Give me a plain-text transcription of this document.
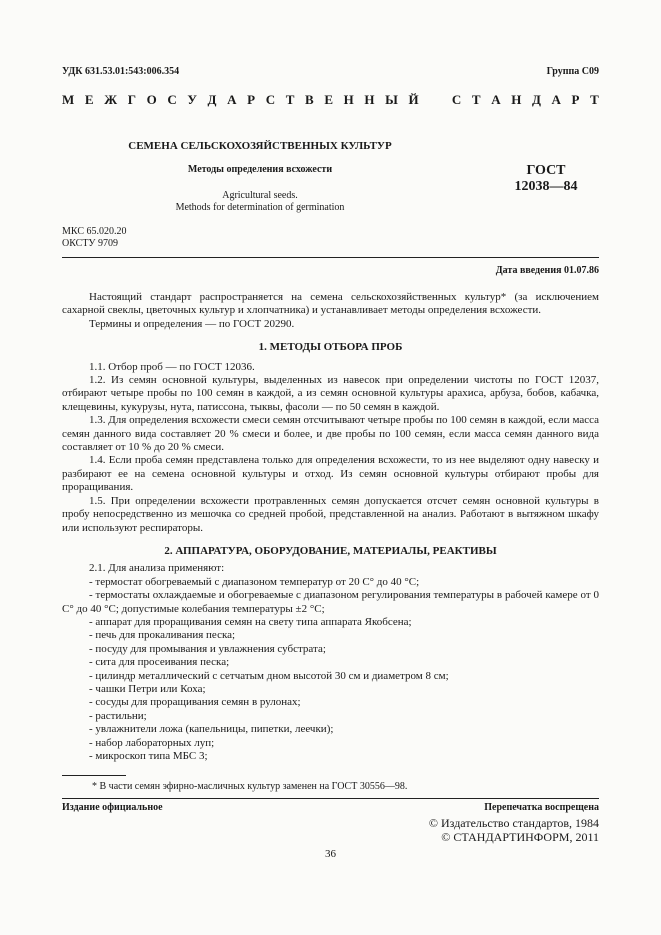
УДК 631.53.01:543:006.354	Группа С09
М Е Ж Г О С У Д А Р С Т В Е Н Н Ы Й	С Т А Н Д А Р Т
СЕМЕНА СЕЛЬСКОХОЗЯЙСТВЕННЫХ КУЛЬТУР
Методы определения всхожести
Agricultural seeds.
Methods for determination of germination
ГОСТ
12038—84
МКС 65.020.20
ОКСТУ 9709
Дата введения 01.07.86

Настоящий стандарт распространяется на семена сельскохозяйственных культур* (за исключением сахарной свеклы, цветочных культур и хлопчатника) и устанавливает методы определения всхожести.

Термины и определения — по ГОСТ 20290.

1. МЕТОДЫ ОТБОРА ПРОБ

1.1. Отбор проб — по ГОСТ 12036.

1.2. Из семян основной культуры, выделенных из навесок при определении чистоты по ГОСТ 12037, отбирают четыре пробы по 100 семян в каждой, а из семян основной культуры арахиса, арбуза, бобов, кабачка, клещевины, кукурузы, нута, патиссона, тыквы, фасоли — по 50 семян в каждой.

1.3. Для определения всхожести смеси семян отсчитывают четыре пробы по 100 семян в каждой, если масса семян данного вида составляет 20 % смеси и более, и две пробы по 100 семян, если масса семян данного вида составляет от 10 % до 20 % смеси.

1.4. Если проба семян представлена только для определения всхожести, то из нее выделяют одну навеску и разбирают ее на семена основной культуры и отход. Из семян основной культуры отбирают пробы для проращивания.

1.5. При определении всхожести протравленных семян допускается отсчет семян основной культуры в пробу непосредственно из мешочка со средней пробой, представленной на анализ. Работают в вытяжном шкафу или используют респираторы.

2. АППАРАТУРА, ОБОРУДОВАНИЕ, МАТЕРИАЛЫ, РЕАКТИВЫ

2.1. Для анализа применяют:

- термостат обогреваемый с диапазоном температур от 20 С° до 40 °С;

- термостаты охлаждаемые и обогреваемые с диапазоном регулирования температуры в рабочей камере от 0 С° до 40 °С; допустимые колебания температуры ±2 °С;

- аппарат для проращивания семян на свету типа аппарата Якобсена;

- печь для прокаливания песка;

- посуду для промывания и увлажнения субстрата;

- сита для просеивания песка;

- цилиндр металлический с сетчатым дном высотой 30 см и диаметром 8 см;

- чашки Петри или Коха;

- сосуды для проращивания семян в рулонах;

- растильни;

- увлажнители ложа (капельницы, пипетки, леечки);

- набор лабораторных луп;

- микроскоп типа МБС 3;

* В части семян эфирно-масличных культур заменен на ГОСТ 30556—98.
Издание официальное	Перепечатка воспрещена
© Издательство стандартов, 1984
© СТАНДАРТИНФОРМ, 2011
36
